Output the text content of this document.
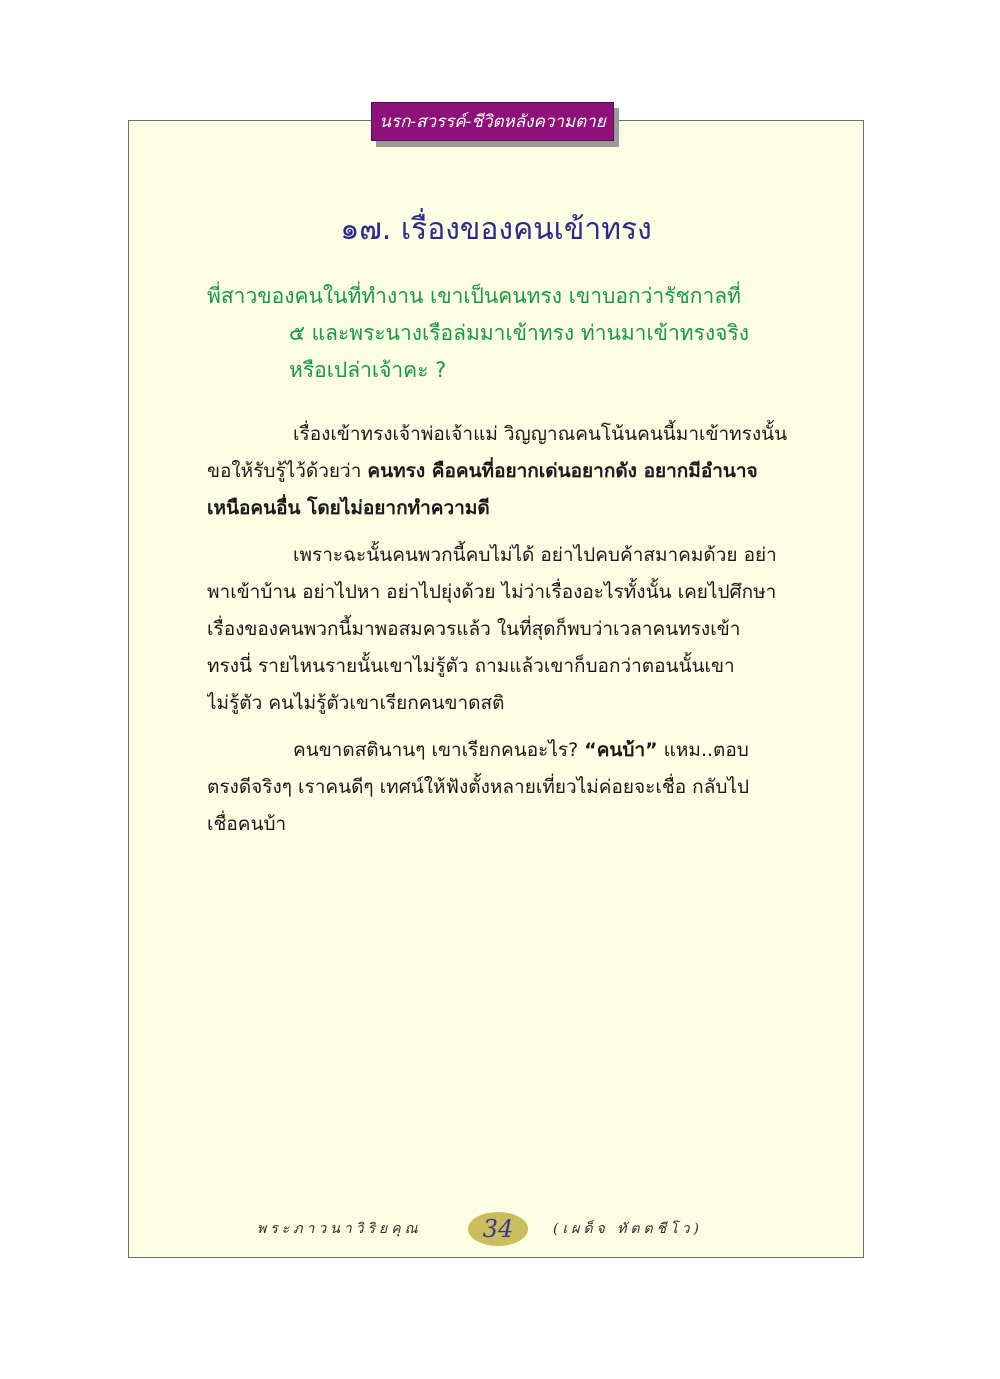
นรก-สวรรค์-ชีวิตหลังความตาย
๑๗. เรื่องของคนเข้าทรง
พี่สาวของคนในที่ทำงาน เขาเป็นคนทรง เขาบอกว่ารัชกาลที่
๕ และพระนางเรือล่มมาเข้าทรง ท่านมาเข้าทรงจริง
หรือเปล่าเจ้าคะ ?
เรื่องเข้าทรงเจ้าพ่อเจ้าแม่ วิญญาณคนโน้นคนนี้มาเข้าทรงนั้น
ขอให้รับรู้ไว้ด้วยว่า คนทรง คือคนที่อยากเด่นอยากดัง อยากมีอำนาจ
เหนือคนอื่น โดยไม่อยากทำความดี
เพราะฉะนั้นคนพวกนี้คบไม่ได้ อย่าไปคบค้าสมาคมด้วย อย่า
พาเข้าบ้าน อย่าไปหา อย่าไปยุ่งด้วย ไม่ว่าเรื่องอะไรทั้งนั้น เคยไปศึกษา
เรื่องของคนพวกนี้มาพอสมควรแล้ว ในที่สุดก็พบว่าเวลาคนทรงเข้า
ทรงนี่ รายไหนรายนั้นเขาไม่รู้ตัว ถามแล้วเขาก็บอกว่าตอนนั้นเขา
ไม่รู้ตัว คนไม่รู้ตัวเขาเรียกคนขาดสติ
คนขาดสตินานๆ เขาเรียกคนอะไร? “คนบ้า” แหม..ตอบ
ตรงดีจริงๆ เราคนดีๆ เทศน์ให้ฟังตั้งหลายเที่ยวไม่ค่อยจะเชื่อ กลับไป
เชื่อคนบ้า
พระภาวนาวิริยคุณ	34	(เผด็จ ทัตตชีโว)
